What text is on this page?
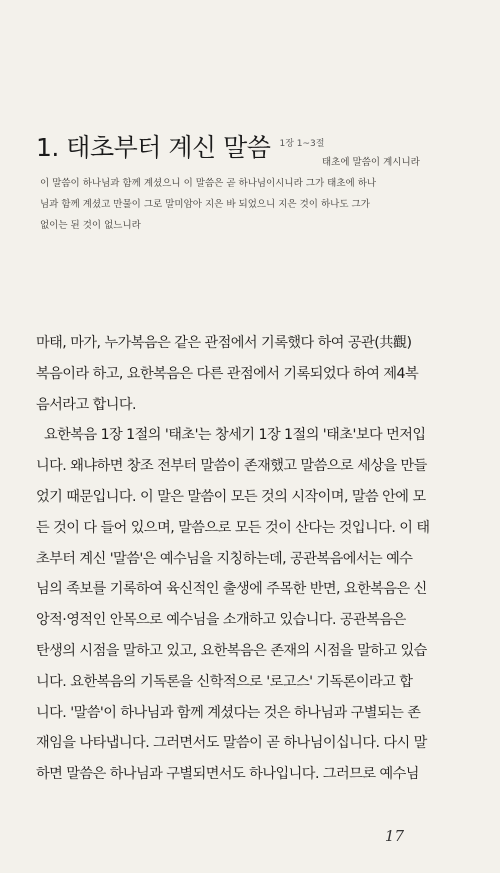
1. 태초부터 계신 말씀 $^{1장 1\sim 3절}$
태초에 말씀이 계시니라
이 말씀이 하나님과 함께 계셨으니 이 말씀은 곧 하나님이시니라 그가 태초에 하나
님과 함께 계셨고 만물이 그로 말미암아 지은 바 되었으니 지은 것이 하나도 그가
없이는 된 것이 없느니라
마태, 마가, 누가복음은 같은 관점에서 기록했다 하여 공관(共觀)
복음이라 하고, 요한복음은 다른 관점에서 기록되었다 하여 제4복
음서라고 합니다.
요한복음 1장 1절의 '태초'는 창세기 1장 1절의 '태초'보다 먼저입
니다. 왜냐하면 창조 전부터 말씀이 존재했고 말씀으로 세상을 만들
었기 때문입니다. 이 말은 말씀이 모든 것의 시작이며, 말씀 안에 모
든 것이 다 들어 있으며, 말씀으로 모든 것이 산다는 것입니다. 이 태
초부터 계신 '말씀'은 예수님을 지칭하는데, 공관복음에서는 예수
님의 족보를 기록하여 육신적인 출생에 주목한 반면, 요한복음은 신
앙적·영적인 안목으로 예수님을 소개하고 있습니다. 공관복음은
탄생의 시점을 말하고 있고, 요한복음은 존재의 시점을 말하고 있습
니다. 요한복음의 기독론을 신학적으로 '로고스' 기독론이라고 합
니다. '말씀'이 하나님과 함께 계셨다는 것은 하나님과 구별되는 존
재임을 나타냅니다. 그러면서도 말씀이 곧 하나님이십니다. 다시 말
하면 말씀은 하나님과 구별되면서도 하나입니다. 그러므로 예수님
17
